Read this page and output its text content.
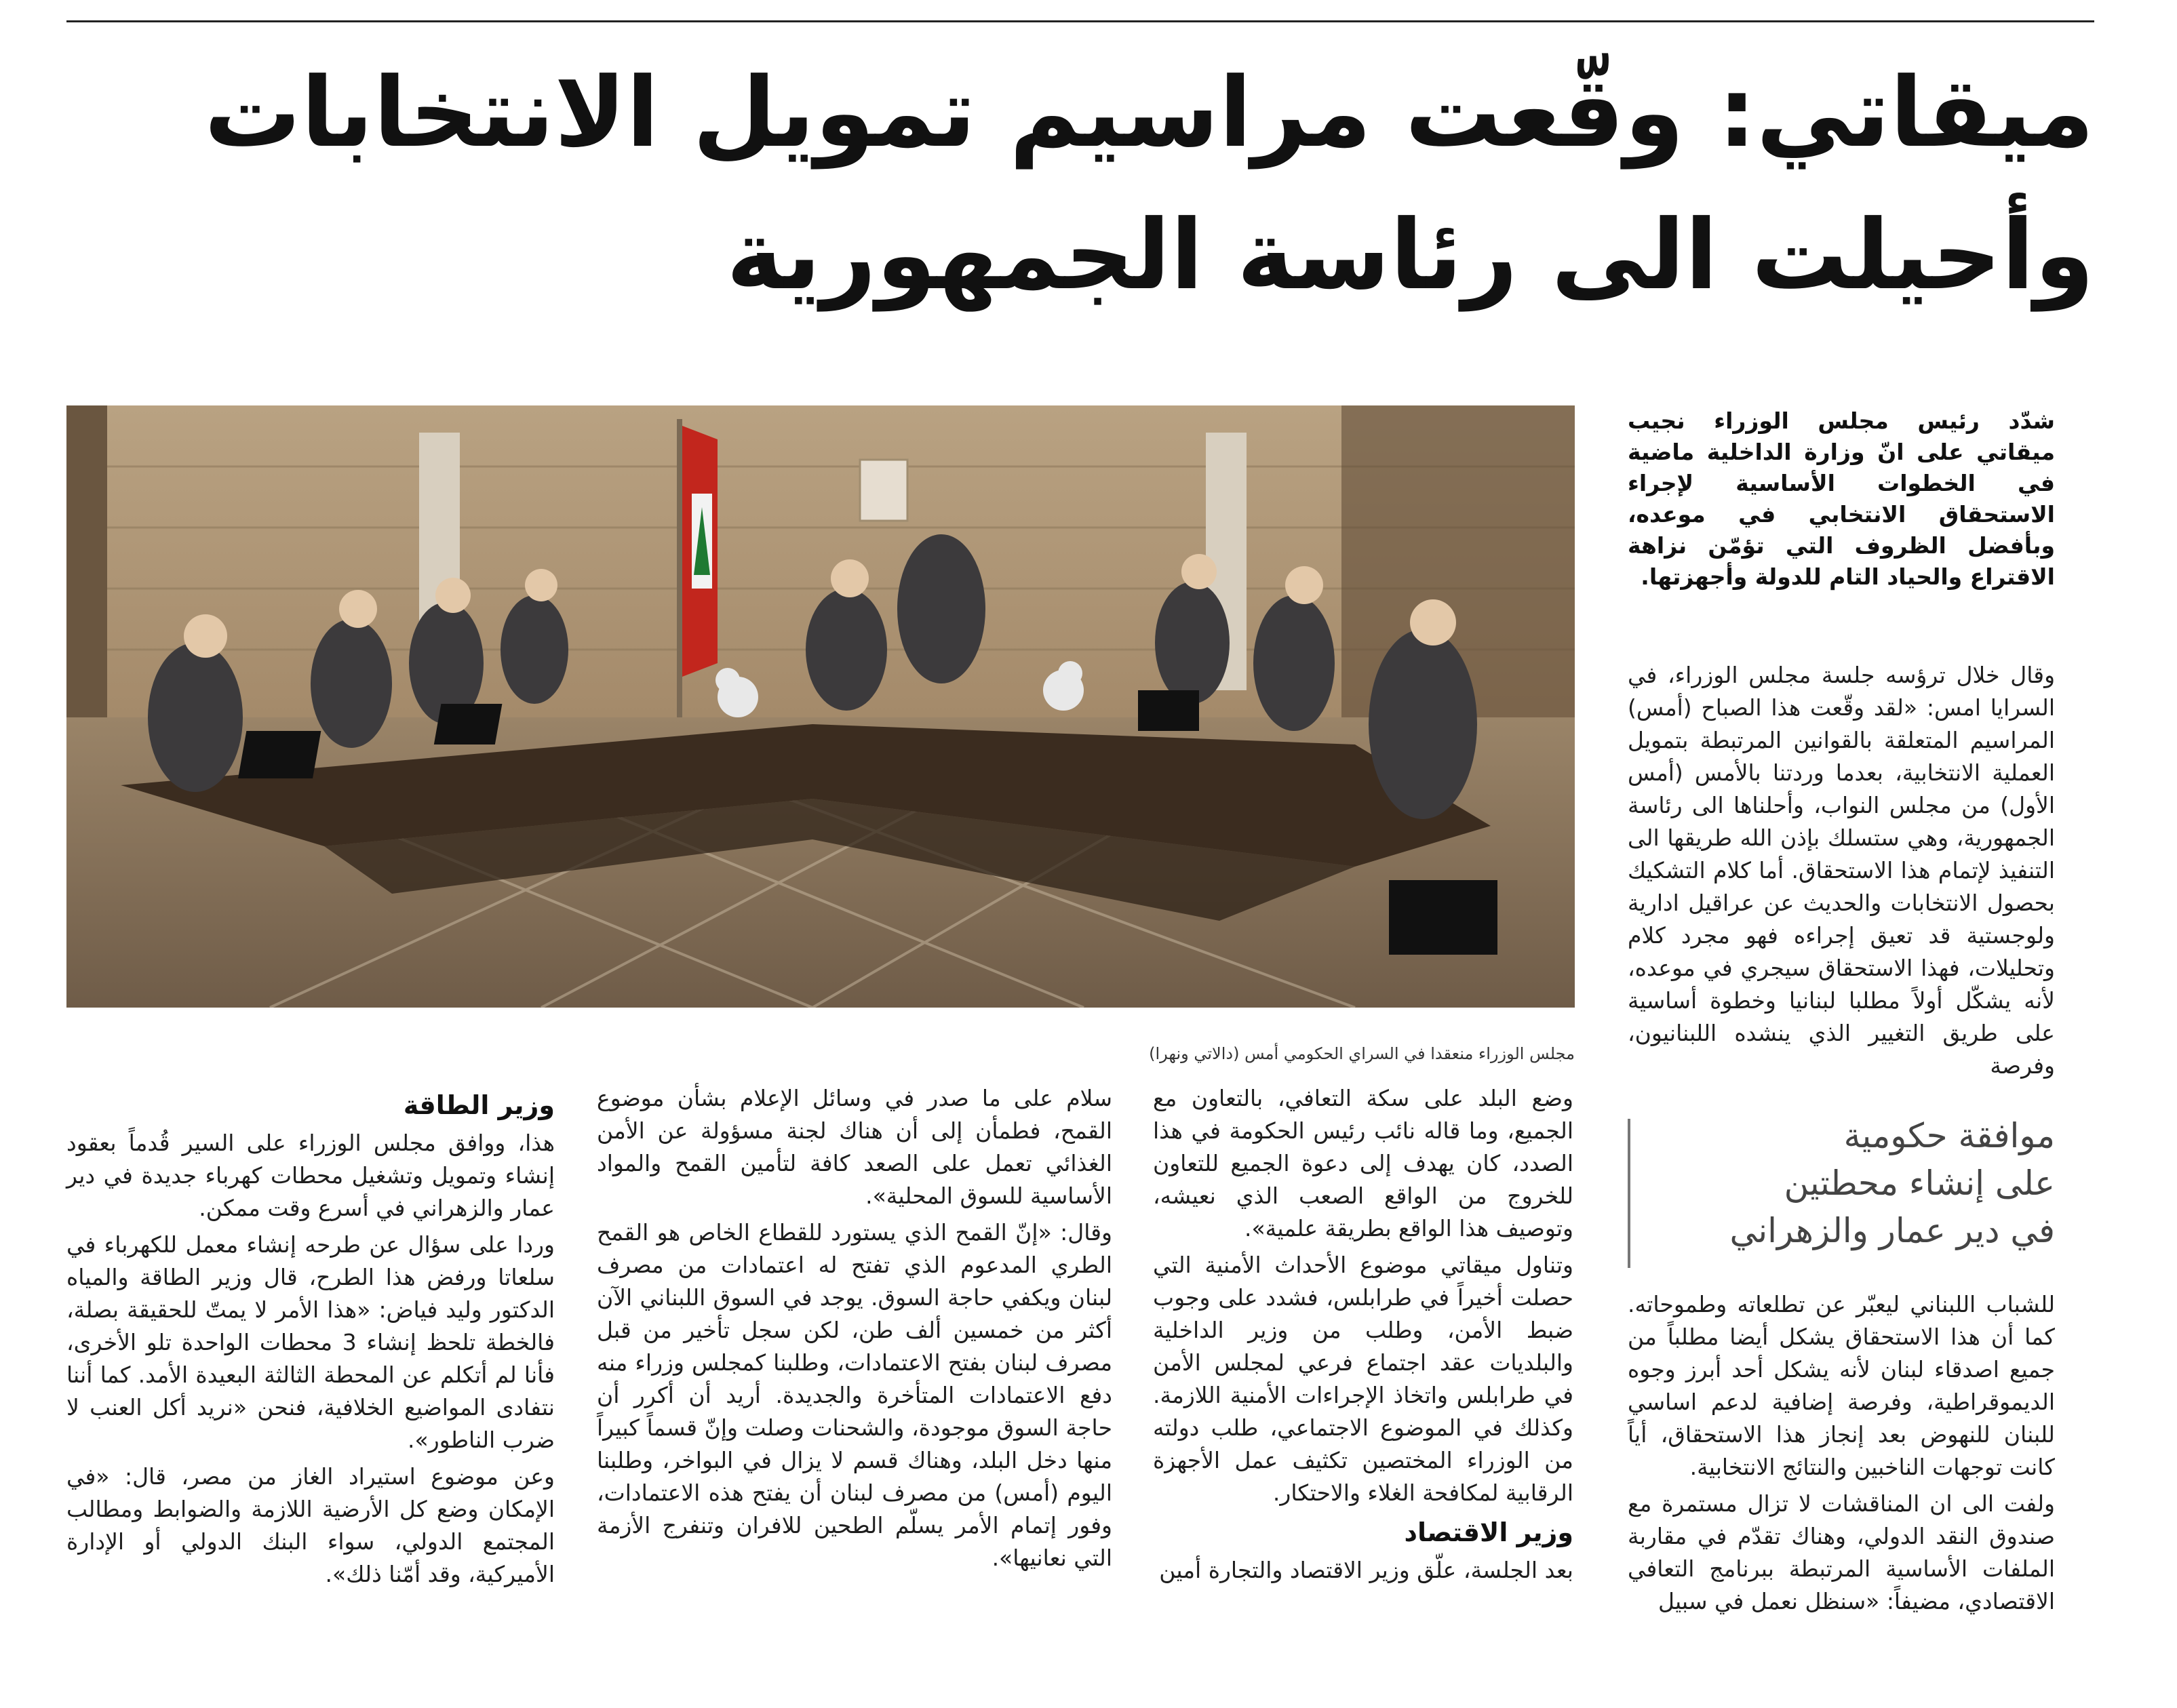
ميقاتي: وقّعت مراسيم تمويل الانتخابات
وأحيلت الى رئاسة الجمهورية
شدّد رئيس مجلس الوزراء نجيب ميقاتي على انّ وزارة الداخلية ماضية في الخطوات الأساسية لإجراء الاستحقاق الانتخابي في موعده، وبأفضل الظروف التي تؤمّن نزاهة الاقتراع والحياد التام للدولة وأجهزتها.
مجلس الوزراء منعقدا في السراي الحكومي أمس (دالاتي ونهرا)
موافقة حكومية
على إنشاء محطتين
في دير عمار والزهراني

وقال خلال ترؤسه جلسة مجلس الوزراء، في السرايا امس: «لقد وقّعت هذا الصباح (أمس) المراسيم المتعلقة بالقوانين المرتبطة بتمويل العملية الانتخابية، بعدما وردتنا بالأمس (أمس الأول) من مجلس النواب، وأحلناها الى رئاسة الجمهورية، وهي ستسلك بإذن الله طريقها الى التنفيذ لإتمام هذا الاستحقاق. أما كلام التشكيك بحصول الانتخابات والحديث عن عراقيل ادارية ولوجستية قد تعيق إجراءه فهو مجرد كلام وتحليلات، فهذا الاستحقاق سيجري في موعده، لأنه يشكّل أولاً مطلبا لبنانيا وخطوة أساسية على طريق التغيير الذي ينشده اللبنانيون، وفرصة

للشباب اللبناني ليعبّر عن تطلعاته وطموحاته. كما أن هذا الاستحقاق يشكل أيضا مطلباً من جميع اصدقاء لبنان لأنه يشكل أحد أبرز وجوه الديموقراطية، وفرصة إضافية لدعم اساسي للبنان للنهوض بعد إنجاز هذا الاستحقاق، أياً كانت توجهات الناخبين والنتائج الانتخابية.

ولفت الى ان المناقشات لا تزال مستمرة مع صندوق النقد الدولي، وهناك تقدّم في مقاربة الملفات الأساسية المرتبطة ببرنامج التعافي الاقتصادي، مضيفاً: «سنظل نعمل في سبيل

وضع البلد على سكة التعافي، بالتعاون مع الجميع، وما قاله نائب رئيس الحكومة في هذا الصدد، كان يهدف إلى دعوة الجميع للتعاون للخروج من الواقع الصعب الذي نعيشه، وتوصيف هذا الواقع بطريقة علمية».

وتناول ميقاتي موضوع الأحداث الأمنية التي حصلت أخيراً في طرابلس، فشدد على وجوب ضبط الأمن، وطلب من وزير الداخلية والبلديات عقد اجتماع فرعي لمجلس الأمن في طرابلس واتخاذ الإجراءات الأمنية اللازمة. وكذلك في الموضوع الاجتماعي، طلب دولته من الوزراء المختصين تكثيف عمل الأجهزة الرقابية لمكافحة الغلاء والاحتكار.

وزير الاقتصاد

بعد الجلسة، علّق وزير الاقتصاد والتجارة أمين

سلام على ما صدر في وسائل الإعلام بشأن موضوع القمح، فطمأن إلى أن هناك لجنة مسؤولة عن الأمن الغذائي تعمل على الصعد كافة لتأمين القمح والمواد الأساسية للسوق المحلية».

وقال: «إنّ القمح الذي يستورد للقطاع الخاص هو القمح الطري المدعوم الذي تفتح له اعتمادات من مصرف لبنان ويكفي حاجة السوق. يوجد في السوق اللبناني الآن أكثر من خمسين ألف طن، لكن سجل تأخير من قبل مصرف لبنان بفتح الاعتمادات، وطلبنا كمجلس وزراء منه دفع الاعتمادات المتأخرة والجديدة. أريد أن أكرر أن حاجة السوق موجودة، والشحنات وصلت وإنّ قسماً كبيراً منها دخل البلد، وهناك قسم لا يزال في البواخر، وطلبنا اليوم (أمس) من مصرف لبنان أن يفتح هذه الاعتمادات، وفور إتمام الأمر يسلّم الطحين للافران وتنفرج الأزمة التي نعانيها».

وزير الطاقة

هذا، ووافق مجلس الوزراء على السير قُدماً بعقود إنشاء وتمويل وتشغيل محطات كهرباء جديدة في دير عمار والزهراني في أسرع وقت ممكن.

وردا على سؤال عن طرحه إنشاء معمل للكهرباء في سلعاتا ورفض هذا الطرح، قال وزير الطاقة والمياه الدكتور وليد فياض: «هذا الأمر لا يمتّ للحقيقة بصلة، فالخطة تلحظ إنشاء 3 محطات الواحدة تلو الأخرى، فأنا لم أتكلم عن المحطة الثالثة البعيدة الأمد. كما أننا نتفادى المواضيع الخلافية، فنحن «نريد أكل العنب لا ضرب الناطور».

وعن موضوع استيراد الغاز من مصر، قال: «في الإمكان وضع كل الأرضية اللازمة والضوابط ومطالب المجتمع الدولي، سواء البنك الدولي أو الإدارة الأميركية، وقد أمّنا ذلك».
